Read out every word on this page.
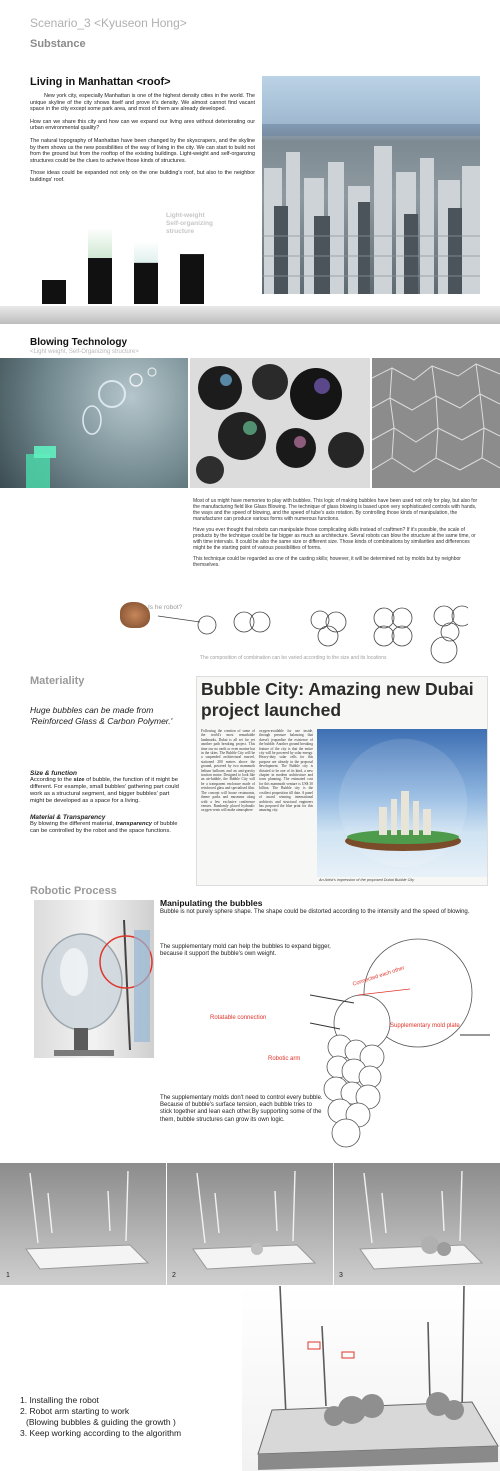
Scenario_3 <Kyuseon Hong>
Substance
Living in Manhattan <roof>

New york city, especially Manhattan is one of the highest density cities in the world. The unique skyline of the city shows itself and prove it's density. We almost cannot find vacant space in the city except some park area, and most of them are already developed.

How can we share this city and how can we expand our living ares without deteriorating our urban environmental quality?

The natural topography of Manhattan have been changed by the skyscrapers, and the skyline by them shows us the new possibilities of the way of living in the city. We can start to build not from the ground but from the rooftop of the existing buildings. Light-weight and self-organzing structures could be the clues to acheive those kinds of structures.

Those ideas could be expanded not only on the one building's roof, but also to the neighbor buildings' roof.

Light-weight
Self-organizing
structure
Blowing Technology
<Light weight, Self-Organizing structure>

Most of us might have memories to play with bubbles. This logic of making bubbles have been used not only for play, but also for the manufacturing field like Glass Blowing. The technique of glass blowing is based upon very sophisticated controls with hands, the ways and the speed of blowing, and the speed of tube's axis rotation. By controlling those kinds of manipulation, the manufacturer can produce various forms with numerous functions.

Have you ever thought that robots can manipulate those complicating skills instead of craftmen? If it's possible, the scale of products by the technique could be far bigger as much as architecture. Sevral robots can blow the structure at the same time, or with time intervals. It could be also the same size or different size. Those kinds of combinations by similarities and differences might be the starting point of various possibilities of forms.

This technique could be regarded as one of the casting skills; however, it will be determined not by molds but by neighbor themselves.

Is he robot?
The composition of combination can be varied according to the size and its locations
Materiality
Huge bubbles can be made from 'Reinforced Glass & Carbon Polymer.'
Size & function

According to the size of bubble, the function of it might be different. For example, small bubbles' gathering part could work as a structural segment, and bigger bubbles' part might be developed as a space for a living.

Material & Transparency

By blowing the different material, transparency of bubble can be controlled by the robot and the space functions.

Bubble City: Amazing new Dubai project launched
Following the creation of some of the world's most remarkable landmarks, Dubai is all set for yet another path breaking project. This time our no earth or even marine but in the skies. The Bubble City will be a suspended architectural marvel, stationed 200 metres above the ground, powered by two mammoth helium balloons and an anti-gravity traction motor. Designed to look like an air-bubble, the Bubble City will be a transparent enclosure made of reinforced glass and specialised film. The concept will house restaurants, theme parks and museums along with a few exclusive conference venues. Randomly placed hydraulic oxygen vents will make atmosphere
oxygen-available for use inside, through pressure balancing that doesn't jeopardise the existence of the bubble. Another ground breaking feature of the city is that the entire city will be powered by solar energy. Heavy-duty solar cells for this purpose are already in the proposal development. The Bubble city is dictated to be one of its kind, a new chapter in modern architecture and town planning. The estimated cost for this mammoth venture is US$ 30 billion. The Bubble city is the costliest proposition till date. A panel of award winning international architects and structural engineers has proposed the blue print for this amazing city.
An Artist's impression of the proposed Dubai Bubble City
Robotic Process
Manipulating the bubbles
Bubble is not purely sphere shape. The shape could be distorted according to the intensity and the speed of blowing.
The supplementary mold can help the bubbles to expand bigger, because it support the bubble's own weight.
The supplementary molds don't need to control every bubble. Because of bubble's surface tension, each bubble tries to stick together and lean each other.By supporting some of the them, bubble structures can grow its own logic.
Connected each other
Rotatable connection
Robotic arm
Supplementary mold plate
1	2	3
1. Installing the robot
2. Robot arm starting to work
(Blowing bubbles & guiding the growth )
3. Keep working according to the algorithm
